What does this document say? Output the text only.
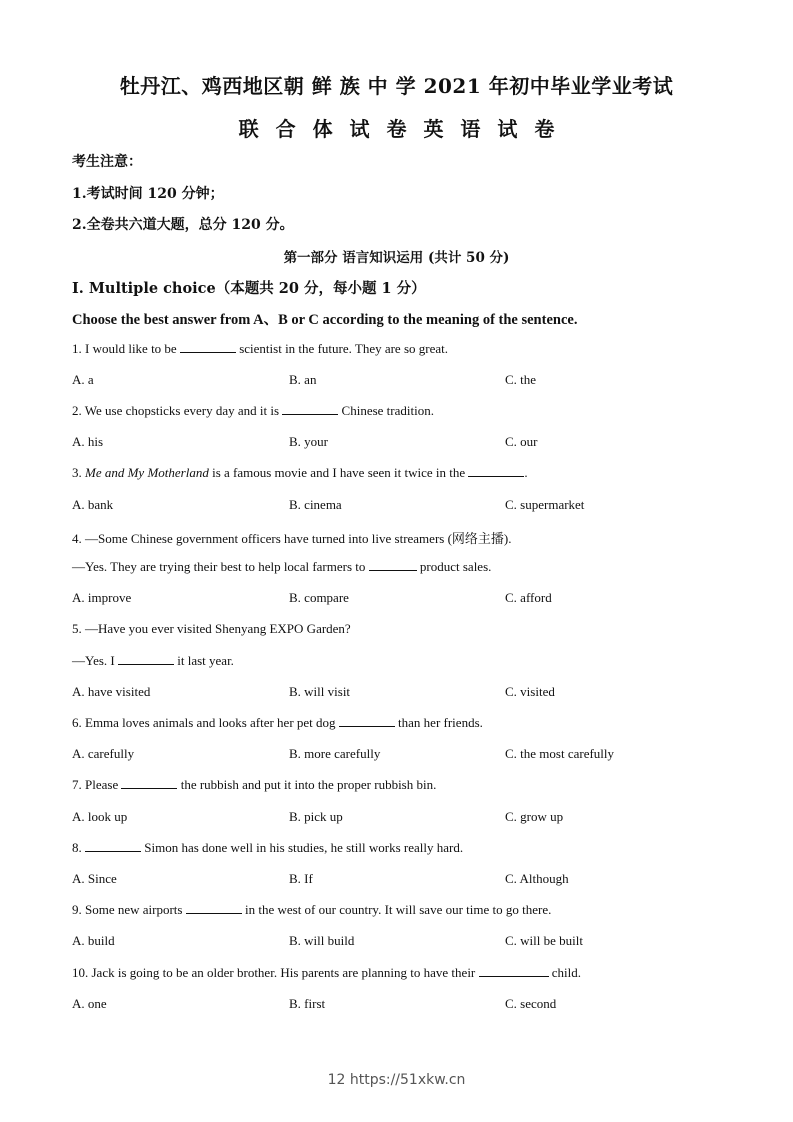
牡丹江、鸡西地区朝 鲜 族 中 学 2021 年初中毕业学业考试
联 合 体 试 卷 英 语 试 卷
考生注意：
1.考试时间 120 分钟；
2.全卷共六道大题，总分 120 分。
第一部分 语言知识运用 (共计 50 分)
I. Multiple choice（本题共 20 分，每小题 1 分）
Choose the best answer from A、B or C according to the meaning of the sentence.
1. I would like to be	scientist in the future. They are so great.
A. a	B. an	C. the
2. We use chopsticks every day and it is	Chinese tradition.
A. his	B. your	C. our
3. Me and My Motherland is a famous movie and I have seen it twice in the	.
A. bank	B. cinema	C. supermarket
4. —Some Chinese government officers have turned into live streamers (网络主播).
—Yes. They are trying their best to help local farmers to	product sales.
A. improve	B. compare	C. afford
5. —Have you ever visited Shenyang EXPO Garden?
—Yes. I	it last year.
A. have visited	B. will visit	C. visited
6. Emma loves animals and looks after her pet dog	than her friends.
A. carefully	B. more carefully	C. the most carefully
7. Please	the rubbish and put it into the proper rubbish bin.
A. look up	B. pick up	C. grow up
8.	Simon has done well in his studies, he still works really hard.
A. Since	B. If	C. Although
9. Some new airports	in the west of our country. It will save our time to go there.
A. build	B. will build	C. will be built
10. Jack is going to be an older brother. His parents are planning to have their	child.
A. one	B. first	C. second
12 https://51xkw.cn
